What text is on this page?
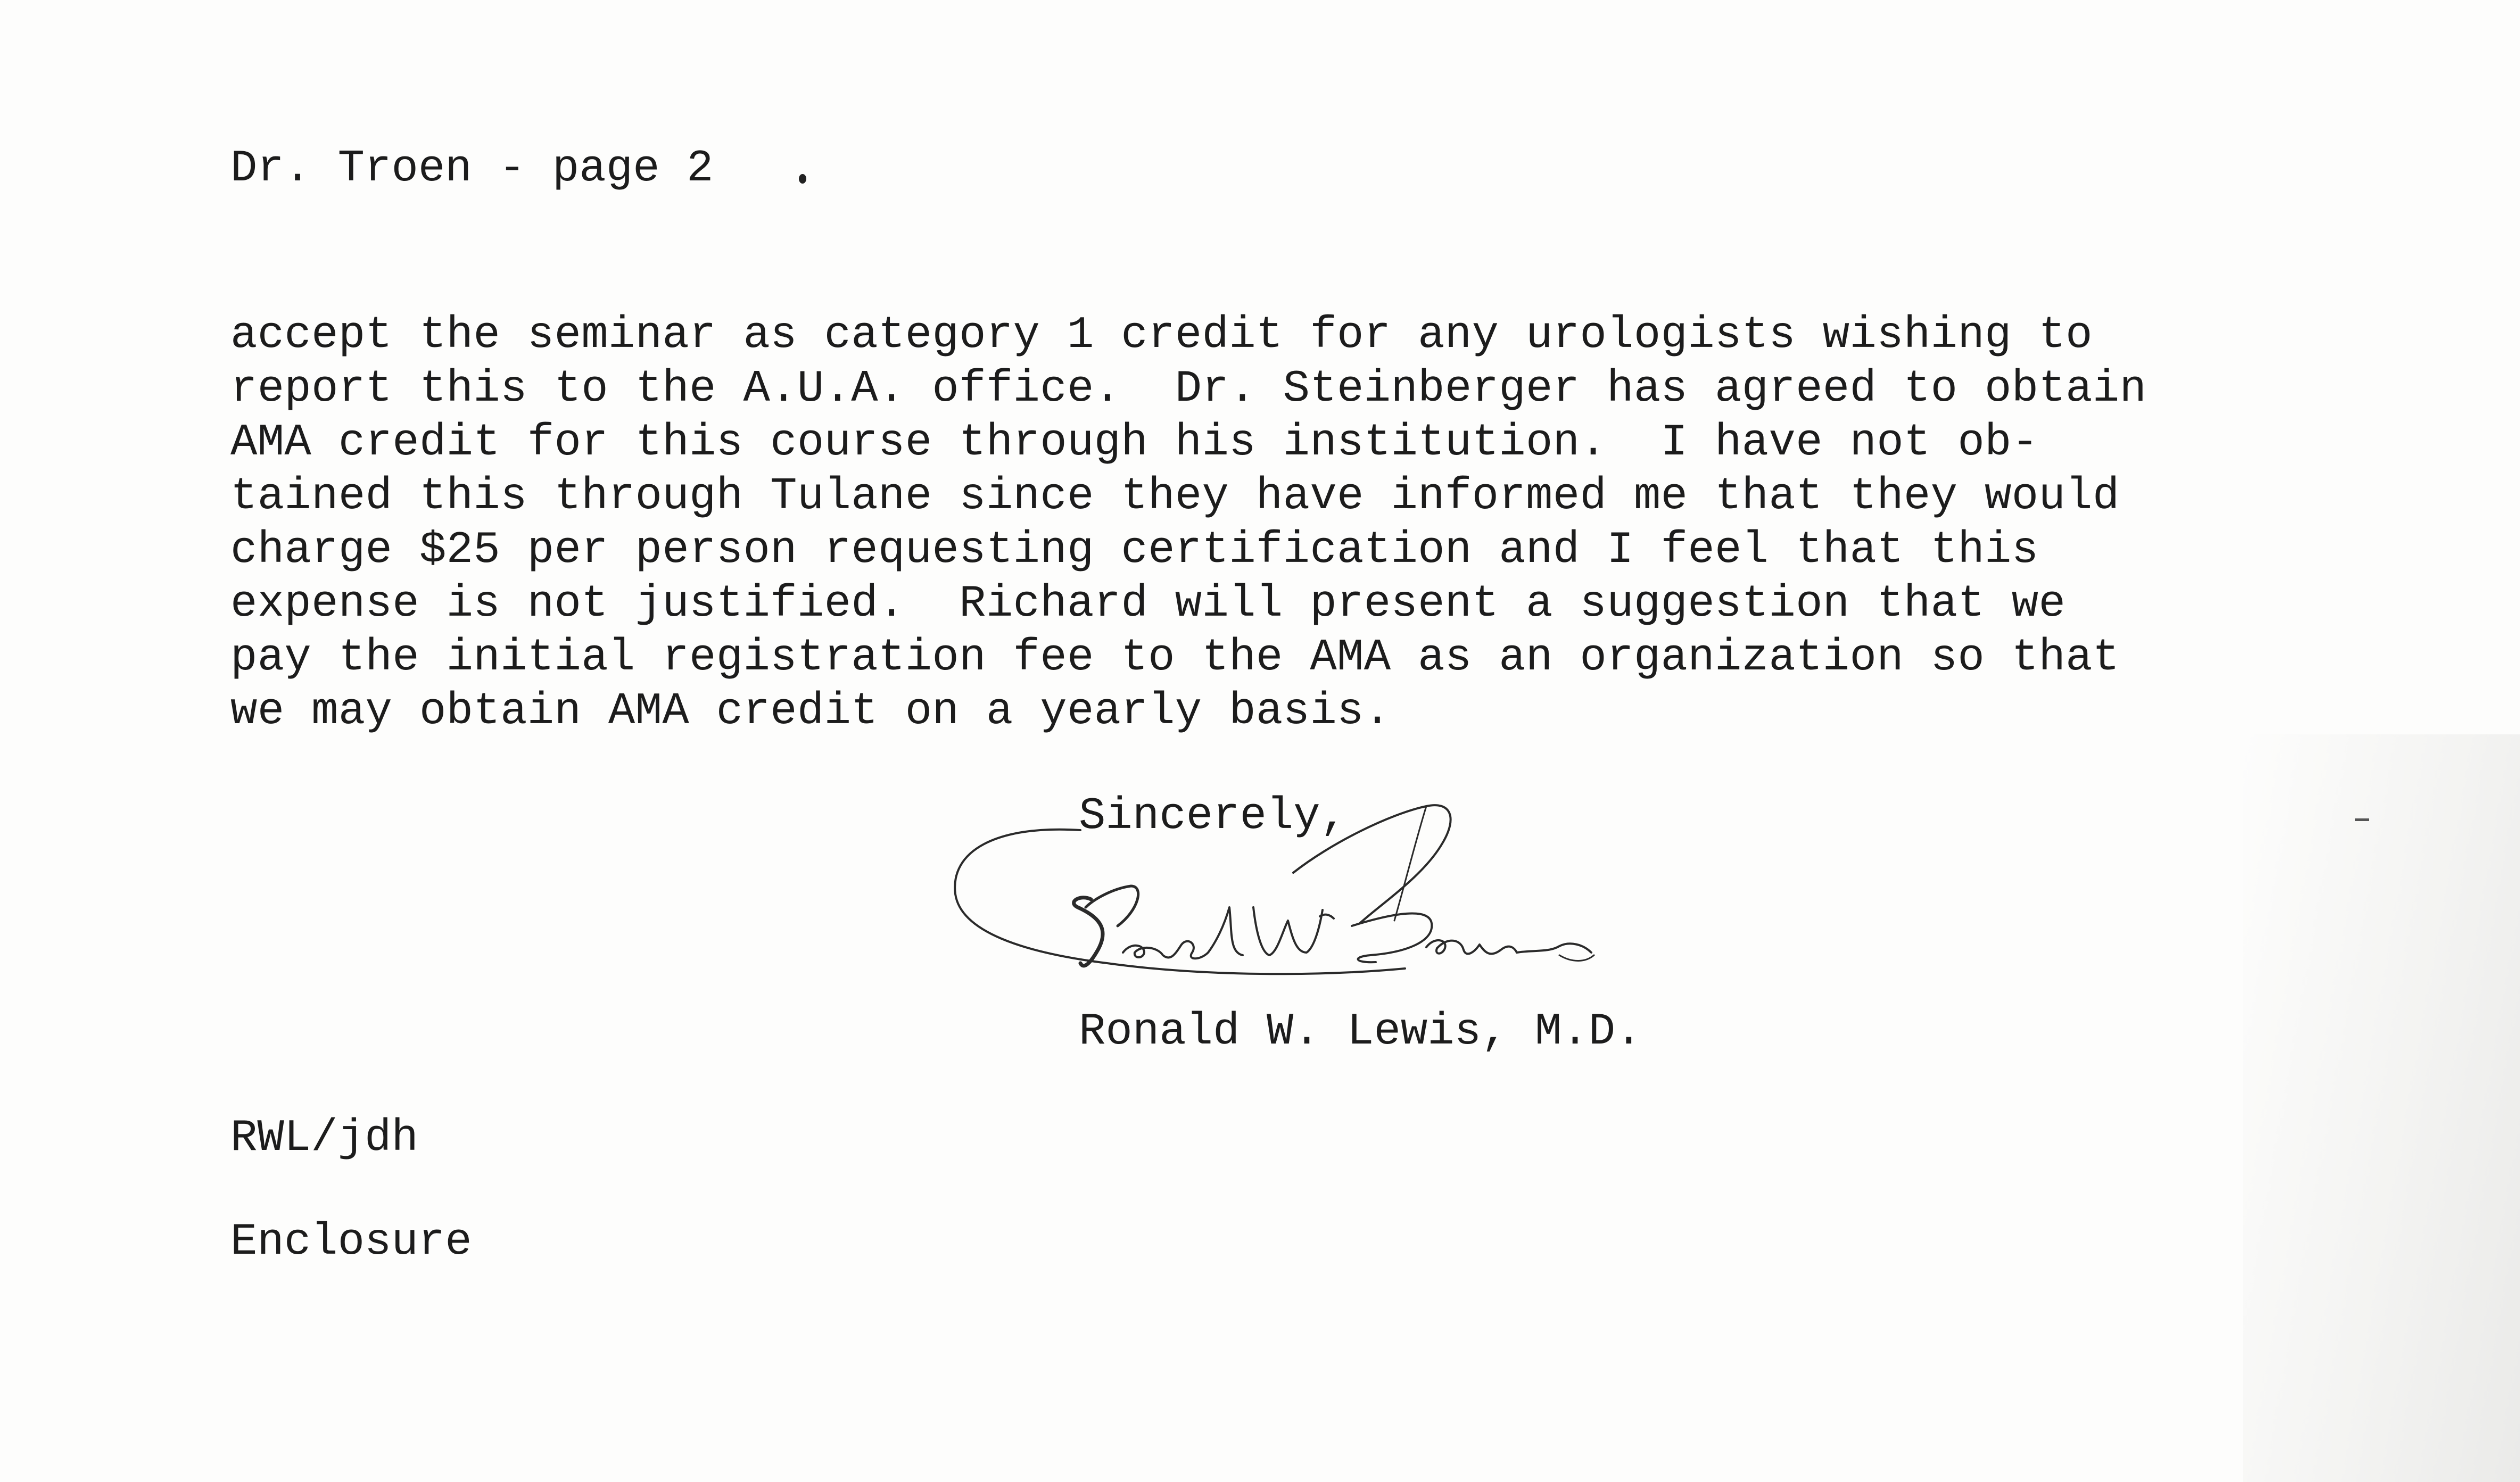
Dr. Troen - page 2

accept the seminar as category 1 credit for any urologists wishing to
report this to the A.U.A. office.  Dr. Steinberger has agreed to obtain
AMA credit for this course through his institution.  I have not ob-
tained this through Tulane since they have informed me that they would
charge $25 per person requesting certification and I feel that this
expense is not justified.  Richard will present a suggestion that we
pay the initial registration fee to the AMA as an organization so that
we may obtain AMA credit on a yearly basis.

Sincerely,

Ronald W. Lewis, M.D.

RWL/jdh

Enclosure
